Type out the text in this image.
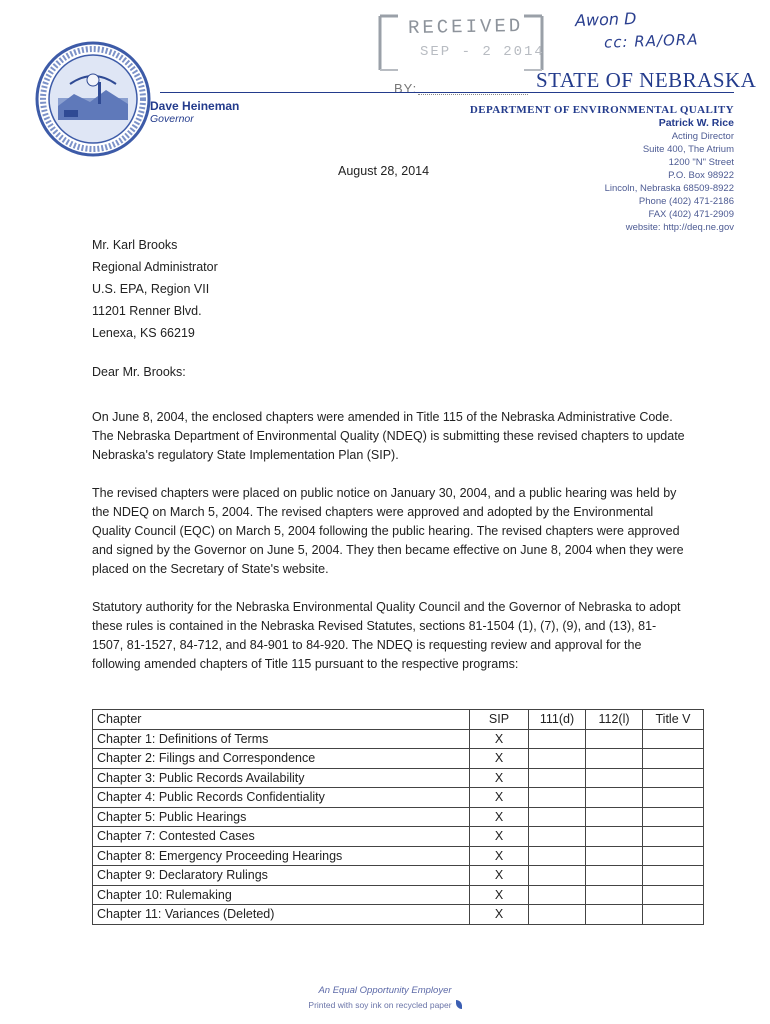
RECEIVED
SEP - 2 2014
BY:
Awon D
cc: RA/ORA
STATE OF NEBRASKA
Dave Heineman
Governor
DEPARTMENT OF ENVIRONMENTAL QUALITY
Patrick W. Rice
Acting Director
Suite 400, The Atrium
1200 "N" Street
P.O. Box 98922
Lincoln, Nebraska 68509-8922
Phone (402) 471-2186
FAX (402) 471-2909
website: http://deq.ne.gov
August 28, 2014
Mr. Karl Brooks
Regional Administrator
U.S. EPA, Region VII
11201 Renner Blvd.
Lenexa, KS 66219
Dear Mr. Brooks:
On June 8, 2004, the enclosed chapters were amended in Title 115 of the Nebraska Administrative Code. The Nebraska Department of Environmental Quality (NDEQ) is submitting these revised chapters to update Nebraska's regulatory State Implementation Plan (SIP).
The revised chapters were placed on public notice on January 30, 2004, and a public hearing was held by the NDEQ on March 5, 2004. The revised chapters were approved and adopted by the Environmental Quality Council (EQC) on March 5, 2004 following the public hearing. The revised chapters were approved and signed by the Governor on June 5, 2004. They then became effective on June 8, 2004 when they were placed on the Secretary of State's website.
Statutory authority for the Nebraska Environmental Quality Council and the Governor of Nebraska to adopt these rules is contained in the Nebraska Revised Statutes, sections 81-1504 (1), (7), (9), and (13), 81-1507, 81-1527, 84-712, and 84-901 to 84-920. The NDEQ is requesting review and approval for the following amended chapters of Title 115 pursuant to the respective programs:
Chapter	SIP	111(d)	112(l)	Title V
Chapter 1: Definitions of Terms	X			
Chapter 2: Filings and Correspondence	X			
Chapter 3: Public Records Availability	X			
Chapter 4: Public Records Confidentiality	X			
Chapter 5: Public Hearings	X			
Chapter 7: Contested Cases	X			
Chapter 8: Emergency Proceeding Hearings	X			
Chapter 9: Declaratory Rulings	X			
Chapter 10: Rulemaking	X			
Chapter 11: Variances (Deleted)	X			
An Equal Opportunity Employer
Printed with soy ink on recycled paper
